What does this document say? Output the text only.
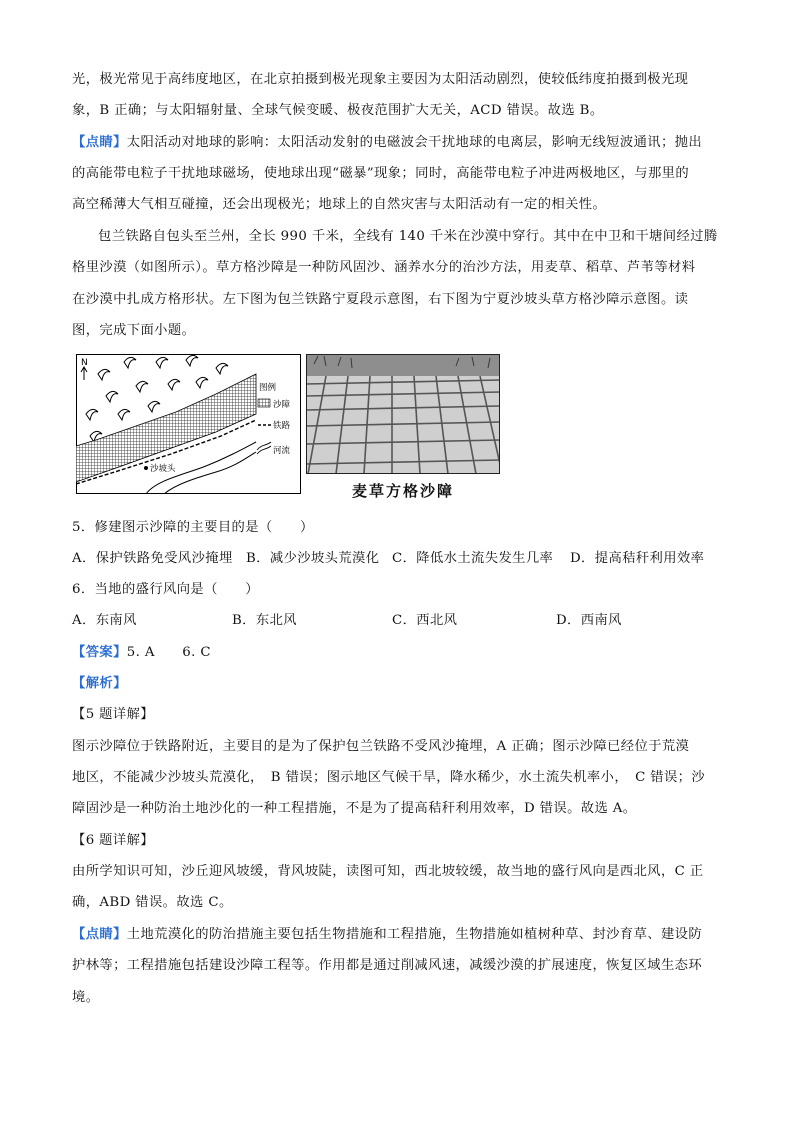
光，极光常见于高纬度地区，在北京拍摄到极光现象主要因为太阳活动剧烈，使较低纬度拍摄到极光现
象，B 正确；与太阳辐射量、全球气候变暖、极夜范围扩大无关，ACD 错误。故选 B。
【点睛】太阳活动对地球的影响：太阳活动发射的电磁波会干扰地球的电离层，影响无线短波通讯；抛出
的高能带电粒子干扰地球磁场，使地球出现“磁暴”现象；同时，高能带电粒子冲进两极地区，与那里的
高空稀薄大气相互碰撞，还会出现极光；地球上的自然灾害与太阳活动有一定的相关性。
包兰铁路自包头至兰州，全长 990 千米，全线有 140 千米在沙漠中穿行。其中在中卫和干塘间经过腾
格里沙漠（如图所示）。草方格沙障是一种防风固沙、涵养水分的治沙方法，用麦草、稻草、芦苇等材料
在沙漠中扎成方格形状。左下图为包兰铁路宁夏段示意图，右下图为宁夏沙坡头草方格沙障示意图。读
图，完成下面小题。
N
沙坡头
图例
沙障
铁路
河流
麦草方格沙障
5．修建图示沙障的主要目的是（　　）
A．保护铁路免受风沙掩埋 B．减少沙坡头荒漠化 C．降低水土流失发生几率 D．提高秸秆利用效率
6．当地的盛行风向是（　　）
A．东南风	B．东北风	C．西北风	D．西南风
【答案】5. A　　6. C
【解析】
【5 题详解】
图示沙障位于铁路附近，主要目的是为了保护包兰铁路不受风沙掩埋，A 正确；图示沙障已经位于荒漠
地区，不能减少沙坡头荒漠化，　B 错误；图示地区气候干旱，降水稀少，水土流失机率小，　C 错误；沙
障固沙是一种防治土地沙化的一种工程措施，不是为了提高秸秆利用效率，D 错误。故选 A。
【6 题详解】
由所学知识可知，沙丘迎风坡缓，背风坡陡，读图可知，西北坡较缓，故当地的盛行风向是西北风，C 正
确，ABD 错误。故选 C。
【点睛】土地荒漠化的防治措施主要包括生物措施和工程措施，生物措施如植树种草、封沙育草、建设防
护林等；工程措施包括建设沙障工程等。作用都是通过削减风速，减缓沙漠的扩展速度，恢复区域生态环
境。
